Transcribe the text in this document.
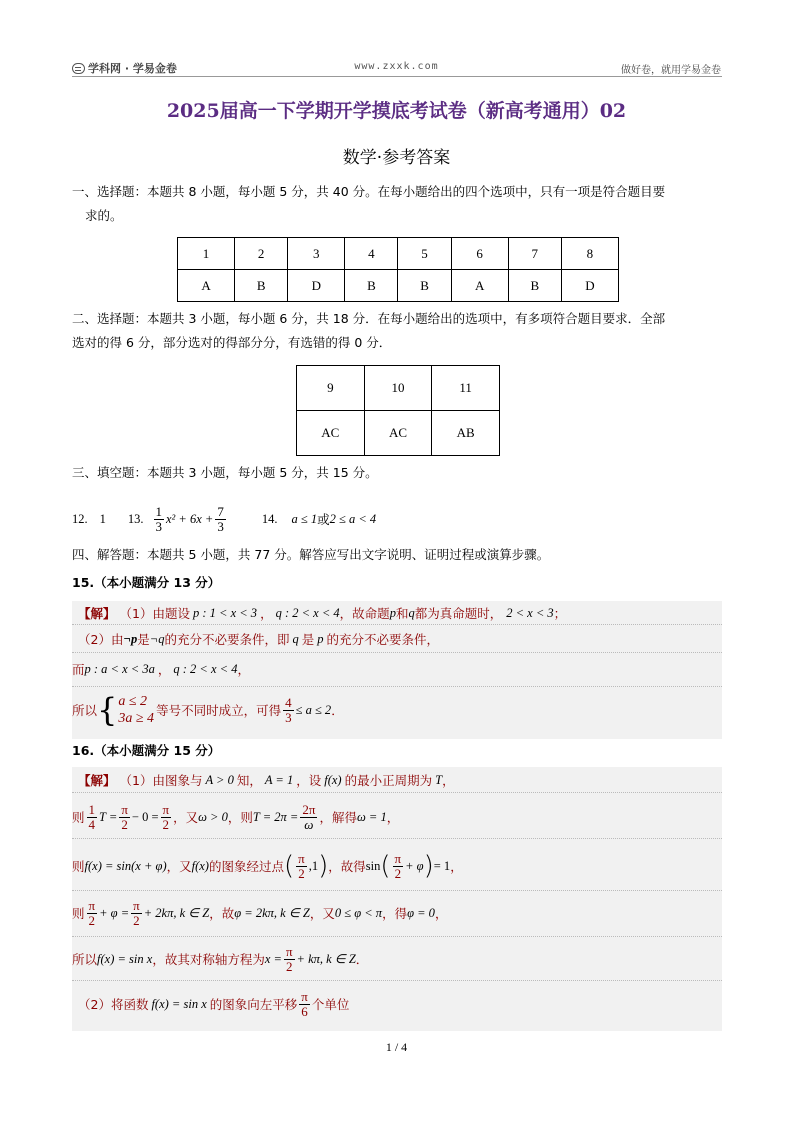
学科网 · 学易金卷	www.zxxk.com	做好卷，就用学易金卷
2025届高一下学期开学摸底考试卷（新高考通用）02
数学·参考答案
一、选择题：本题共 8 小题，每小题 5 分，共 40 分。在每小题给出的四个选项中，只有一项是符合题目要
求的。
1	2	3	4	5	6	7	8
A	B	D	B	B	A	B	D
二、选择题：本题共 3 小题，每小题 6 分，共 18 分．在每小题给出的选项中，有多项符合题目要求．全部
选对的得 6 分，部分选对的得部分分，有选错的得 0 分．
9	10	11
AC	AC	AB
三、填空题：本题共 3 小题，每小题 5 分，共 15 分。
12. 1 13. $\frac{1}{3} x^2 + 6x + \frac{7}{3}$	14. a ≤ 1 或 2 ≤ a < 4
四、解答题：本题共 5 小题，共 77 分。解答应写出文字说明、证明过程或演算步骤。
15.（本小题满分 13 分）
【解】 （1）由题设 p : 1 < x < 3 ， q : 2 < x < 4 ，故命题 p 和 q 都为真命题时， 2 < x < 3 ；
（2）由 ¬p 是 ¬q 的充分不必要条件，即 q 是 p 的充分不必要条件，
而 p : a < x < 3a ， q : 2 < x < 4 ，
所以 { a ≤ 2
3a ≥ 4
等号不同时成立，可得 $\frac{4}{3} \le a \le 2$ ．
16.（本小题满分 15 分）
【解】 （1）由图象与 A > 0 知， A = 1 ，设 f(x) 的最小正周期为 T ，
则 $\frac{1}{4}$ $T = \frac{\pi}{2} - 0 = \frac{\pi}{2}$ ，又 ω > 0 ，则 $T = 2\pi = \frac{2\pi}{\omega}$ ，解得 ω = 1 ，
则 f(x) = sin(x + φ) ，又 f(x) 的图象经过点 ( $\frac{\pi}{2} ,1$ ) ，故得 sin ( $\frac{\pi}{2} + \varphi$ ) = 1 ，
则 $\frac{\pi}{2} + \varphi = \frac{\pi}{2} + 2k\pi$, k ∈ Z ，故 φ = 2kπ, k ∈ Z ，又 0 ≤ φ < π ，得 φ = 0 ，
所以 f(x) = sin x ，故其对称轴方程为 $x = \frac{\pi}{2} + k\pi$, k ∈ Z ．
（2）将函数 f(x) = sin x 的图象向左平移 $\frac{\pi}{6}$ 个单位
1 / 4
